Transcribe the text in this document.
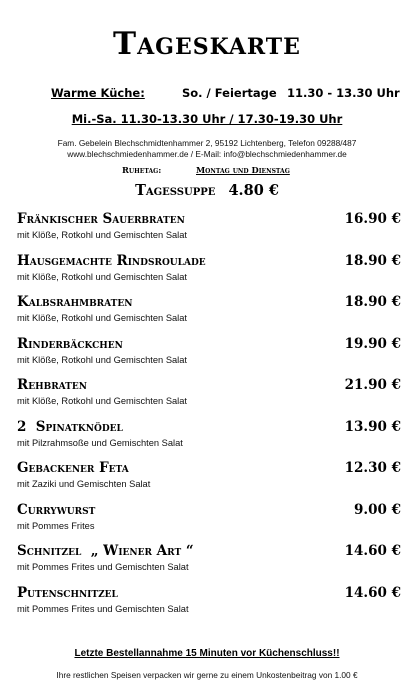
Tageskarte
Warme Küche:	So. / Feiertage 11.30 - 13.30 Uhr
Mi.-Sa. 11.30-13.30 Uhr / 17.30-19.30 Uhr
Fam. Gebelein Blechschmidtenhammer 2, 95192 Lichtenberg, Telefon 09288/487
www.blechschmiedenhammer.de / E-Mail: info@blechschmiedenhammer.de
Ruhetag:	Montag und Dienstag
Tagessuppe 4.80 €
Fränkischer Sauerbraten	16.90 €
mit Klöße, Rotkohl und Gemischten Salat
Hausgemachte Rindsroulade	18.90 €
mit Klöße, Rotkohl und Gemischten Salat
Kalbsrahmbraten	18.90 €
mit Klöße, Rotkohl und Gemischten Salat
Rinderbäckchen	19.90 €
mit Klöße, Rotkohl und Gemischten Salat
Rehbraten	21.90 €
mit Klöße, Rotkohl und Gemischten Salat
2  Spinatknödel	13.90 €
mit Pilzrahmsoße und Gemischten Salat
Gebackener Feta	12.30 €
mit Zaziki und Gemischten Salat
Currywurst	9.00 €
mit Pommes Frites
Schnitzel  „ Wiener Art “	14.60 €
mit Pommes Frites und Gemischten Salat
Putenschnitzel	14.60 €
mit Pommes Frites und Gemischten Salat
Letzte Bestellannahme 15 Minuten vor Küchenschluss!!
Ihre restlichen Speisen verpacken wir gerne zu einem Unkostenbeitrag von 1.00 €
